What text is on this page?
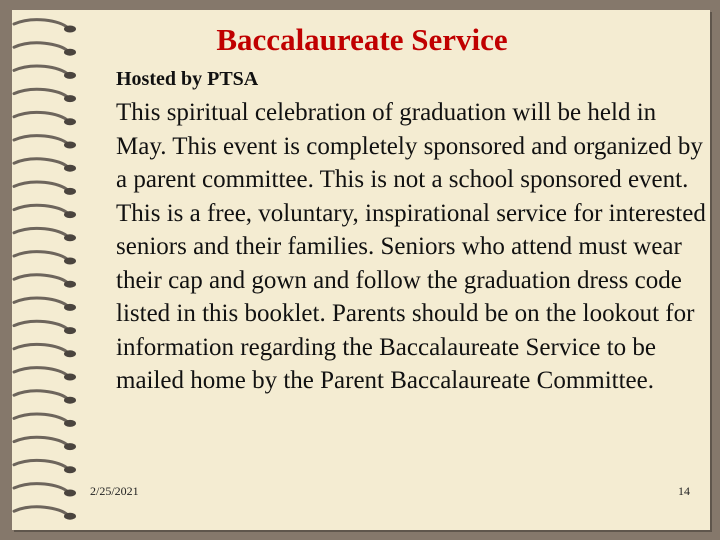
Baccalaureate Service
Hosted by PTSA

This spiritual celebration of graduation will be held in May. This event is completely sponsored and organized by a parent committee. This is not a school sponsored event. This is a free, voluntary, inspirational service for interested seniors and their families. Seniors who attend must wear their cap and gown and follow the graduation dress code listed in this booklet. Parents should be on the lookout for information regarding the Baccalaureate Service to be mailed home by the Parent Baccalaureate Committee.

2/25/2021	14
